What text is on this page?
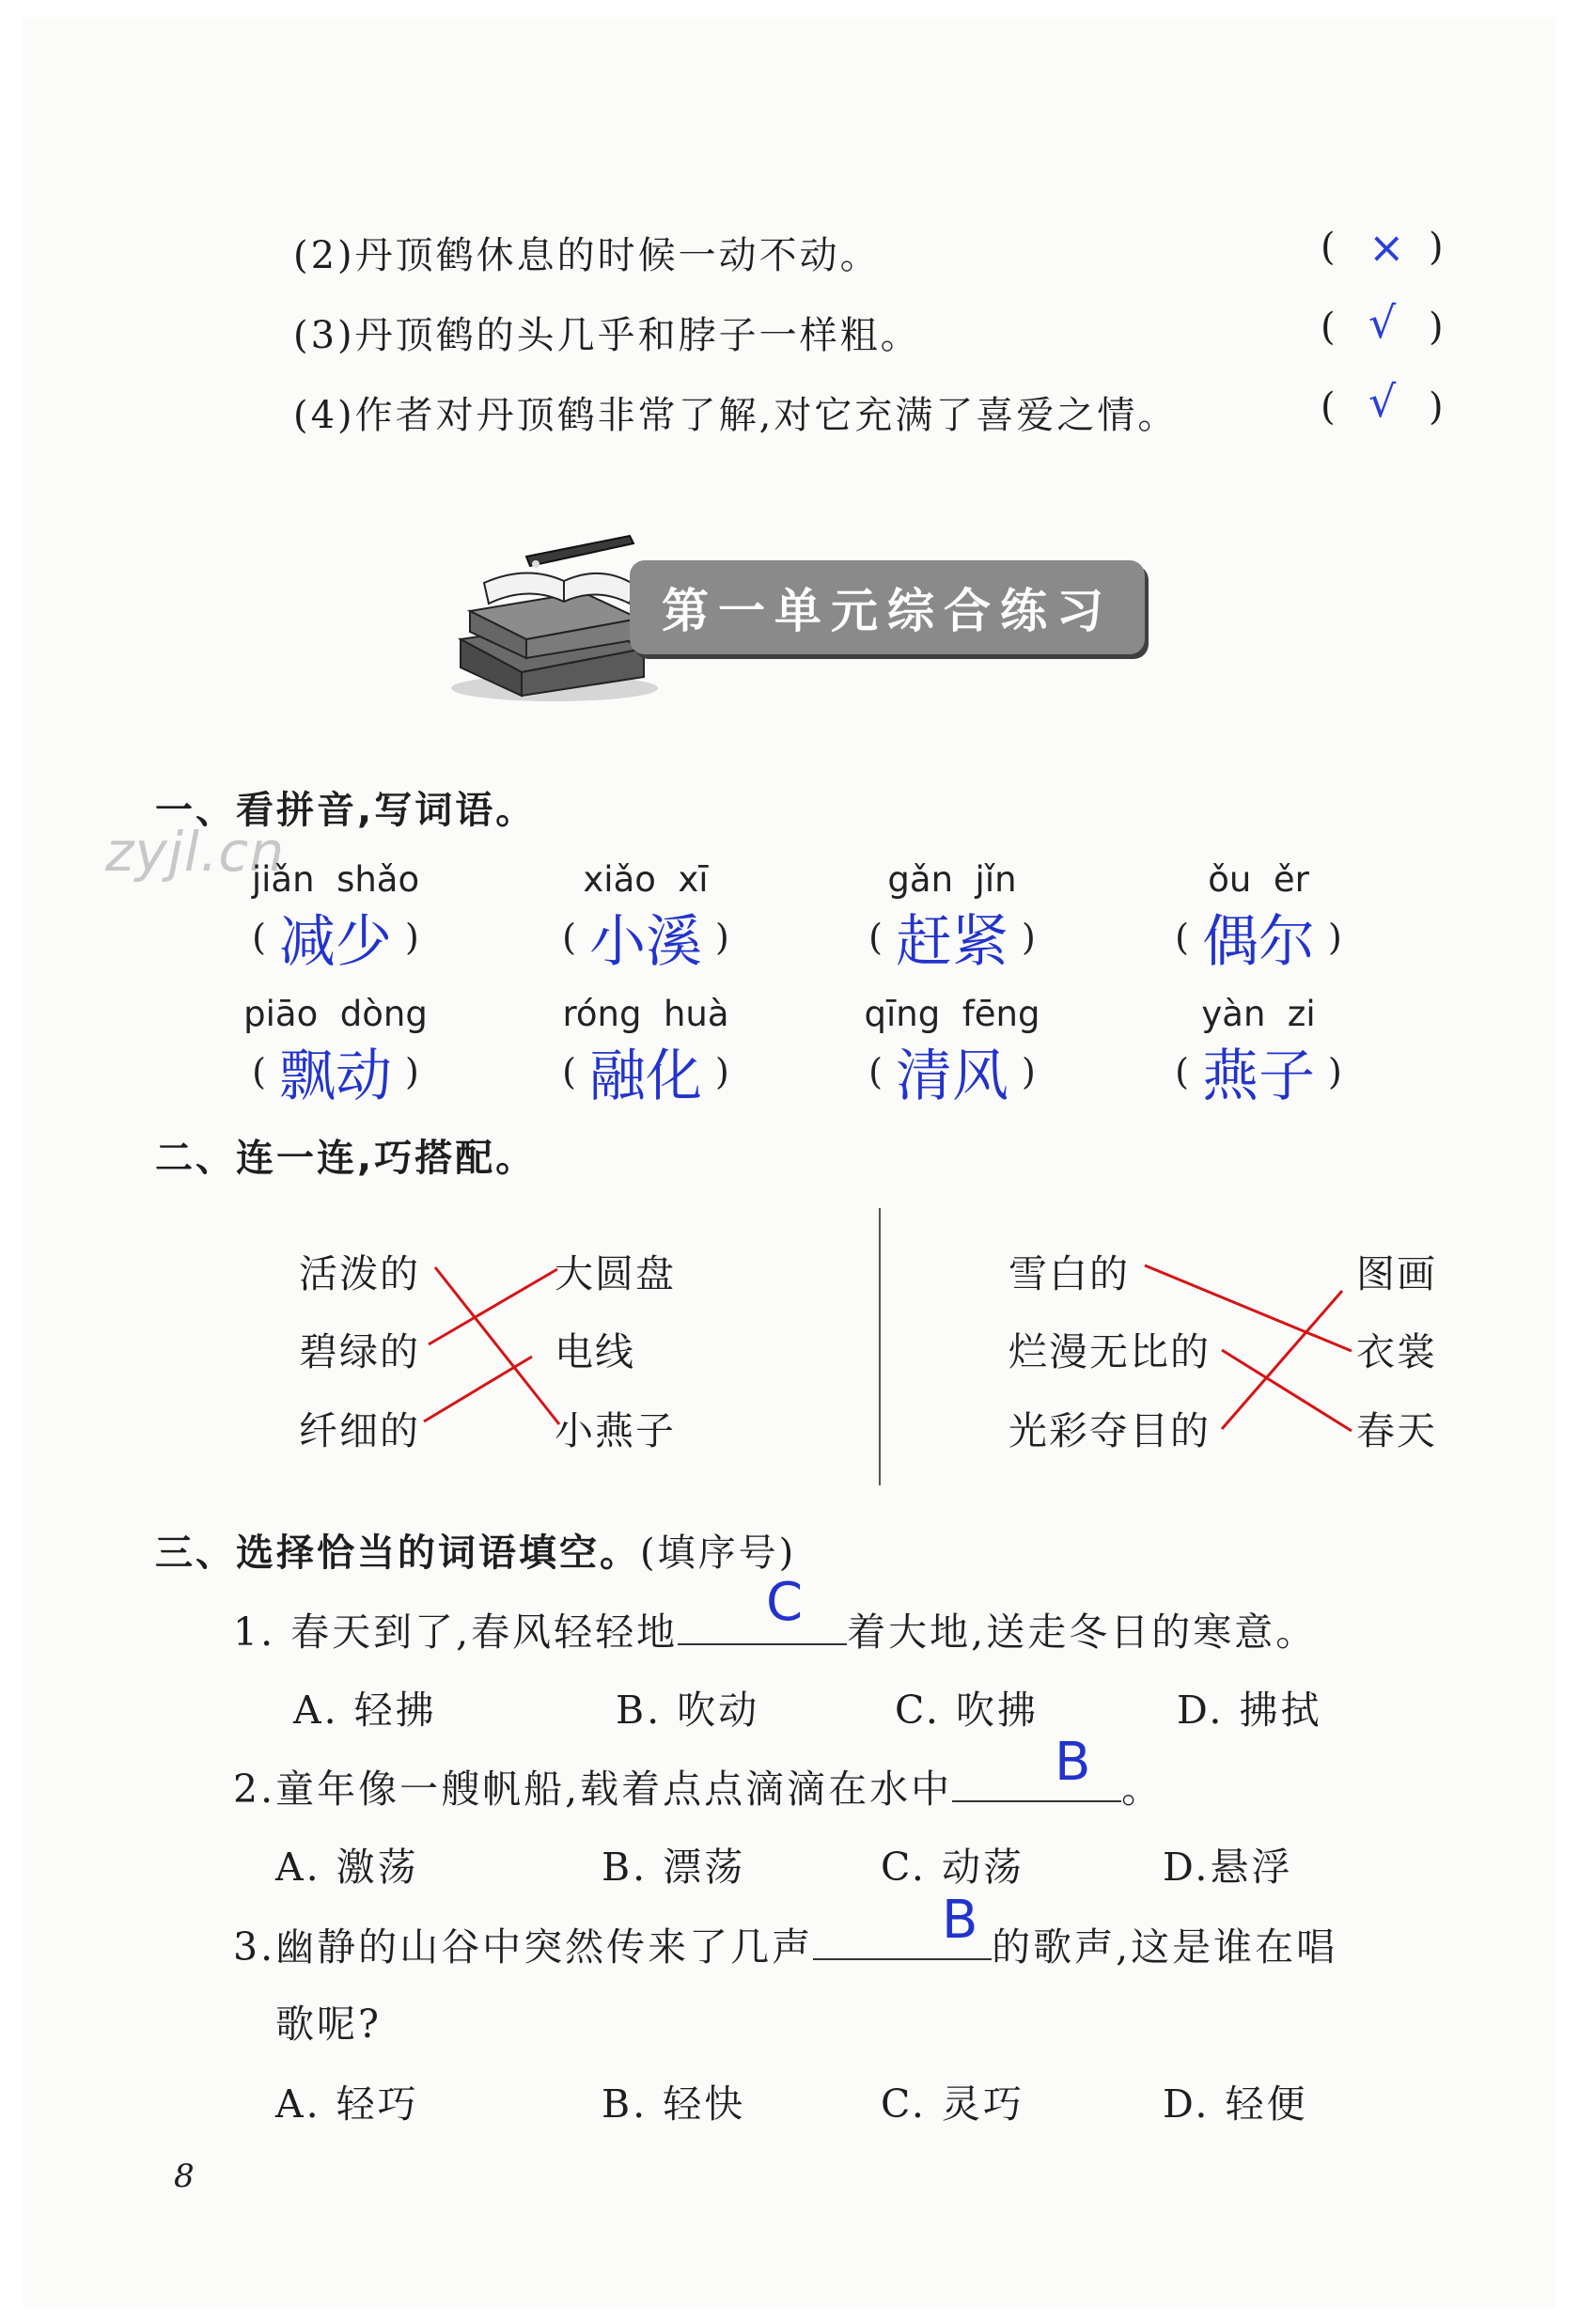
(2)丹顶鹤休息的时候一动不动。
(3)丹顶鹤的头几乎和脖子一样粗。
(4)作者对丹顶鹤非常了解,对它充满了喜爱之情。
( × )
( √ )
( √ )
第一单元综合练习
一、看拼音,写词语。
zyjl.cn
jiǎn  shǎo	xiǎo  xī	gǎn  jǐn	ǒu  ěr
( 减少 )	( 小溪 )	( 赶紧 )	( 偶尔 )
piāo  dòng	róng  huà	qīng  fēng	yàn  zi
( 飘动 )	( 融化 )	( 清风 )	( 燕子 )
二、连一连,巧搭配。
活泼的
碧绿的
纤细的
大圆盘
电线
小燕子
雪白的
烂漫无比的
光彩夺目的
图画
衣裳
春天
三、选择恰当的词语填空。(填序号)
1. 春天到了,春风轻轻地	着大地,送走冬日的寒意。
C
A. 轻拂	B. 吹动	C. 吹拂	D. 拂拭
2.童年像一艘帆船,载着点点滴滴在水中	。
B
A. 激荡	B. 漂荡	C. 动荡	D.悬浮
3.幽静的山谷中突然传来了几声	的歌声,这是谁在唱
B
歌呢?
A. 轻巧	B. 轻快	C. 灵巧	D. 轻便
8
